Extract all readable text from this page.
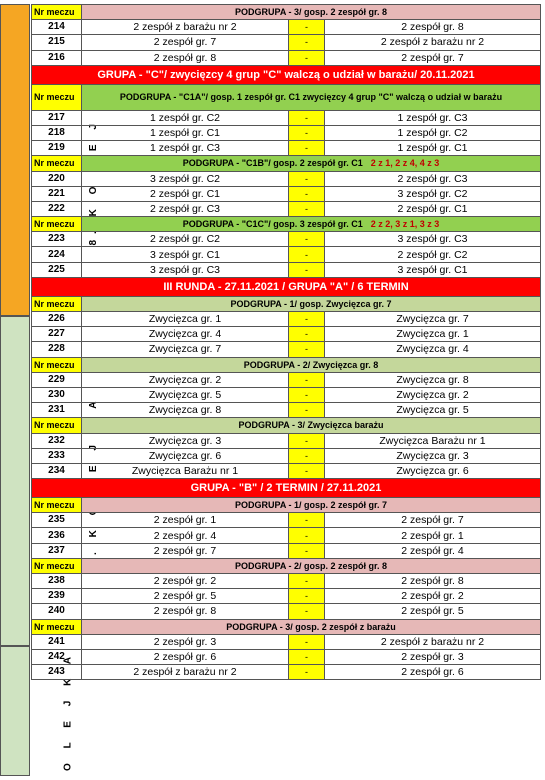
O L E J K A
Nr meczu	PODGRUPA - 3/ gosp. 2 zespół gr. 8		
214	2 zespół z barażu nr 2	-	2 zespół gr. 8
215	2 zespół gr. 7	-	2 zespół z barażu nr 2
216	2 zespół gr. 8	-	2 zespół gr. 7
GRUPA - "C"/ zwycięzcy 4 grup "C" walczą o udział w barażu/ 20.11.2021			
Nr meczu	PODGRUPA - "C1A"/ gosp. 1 zespół gr. C1 zwycięzcy 4 grup "C" walczą o udział w barażu		
217	1 zespół gr. C2	-	1 zespół gr. C3
218	1 zespół gr. C1	-	1 zespół gr. C2
219	1 zespół gr. C3	-	1 zespół gr. C1
Nr meczu	PODGRUPA - "C1B"/ gosp. 2 zespół gr. C1 2 z 1, 2 z 4, 4 z 3		
220	3 zespół gr. C2	-	2 zespół gr. C3
221	2 zespół gr. C1	-	3 zespół gr. C2
222	2 zespół gr. C3	-	2 zespół gr. C1
Nr meczu	PODGRUPA - "C1C"/ gosp. 3 zespół gr. C1 2 z 2, 3 z 1, 3 z 3		
223	2 zespół gr. C2	-	3 zespół gr. C3
224	3 zespół gr. C1	-	2 zespół gr. C2
225	3 zespół gr. C3	-	3 zespół gr. C1
III RUNDA - 27.11.2021 / GRUPA "A" / 6 TERMIN			
Nr meczu	PODGRUPA - 1/ gosp. Zwycięzca gr. 7		
226	Zwycięzca gr. 1	-	Zwycięzca gr. 7
227	Zwycięzca gr. 4	-	Zwycięzca gr. 1
228	Zwycięzca gr. 7	-	Zwycięzca gr. 4
Nr meczu	PODGRUPA - 2/ Zwycięzca gr. 8		
229	Zwycięzca gr. 2	-	Zwycięzca gr. 8
230	Zwycięzca gr. 5	-	Zwycięzca gr. 2
231	Zwycięzca gr. 8	-	Zwycięzca gr. 5
Nr meczu	PODGRUPA - 3/ Zwycięzca barażu		
232	Zwycięzca gr. 3	-	Zwycięzca Barażu nr 1
233	Zwycięzca gr. 6	-	Zwycięzca gr. 3
234	Zwycięzca Barażu nr 1	-	Zwycięzca gr. 6
GRUPA - "B" / 2 TERMIN / 27.11.2021			
Nr meczu	PODGRUPA - 1/ gosp. 2 zespół gr. 7		
235	2 zespół gr. 1	-	2 zespół gr. 7
236	2 zespół gr. 4	-	2 zespół gr. 1
237	2 zespół gr. 7	-	2 zespół gr. 4
Nr meczu	PODGRUPA - 2/ gosp. 2 zespół gr. 8		
238	2 zespół gr. 2	-	2 zespół gr. 8
239	2 zespół gr. 5	-	2 zespół gr. 2
240	2 zespół gr. 8	-	2 zespół gr. 5
Nr meczu	PODGRUPA - 3/ gosp. 2 zespół z barażu		
241	2 zespół gr. 3	-	2 zespół z barażu nr 2
242	2 zespół gr. 6	-	2 zespół gr. 3
243	2 zespół z barażu nr 2	-	2 zespół gr. 6
